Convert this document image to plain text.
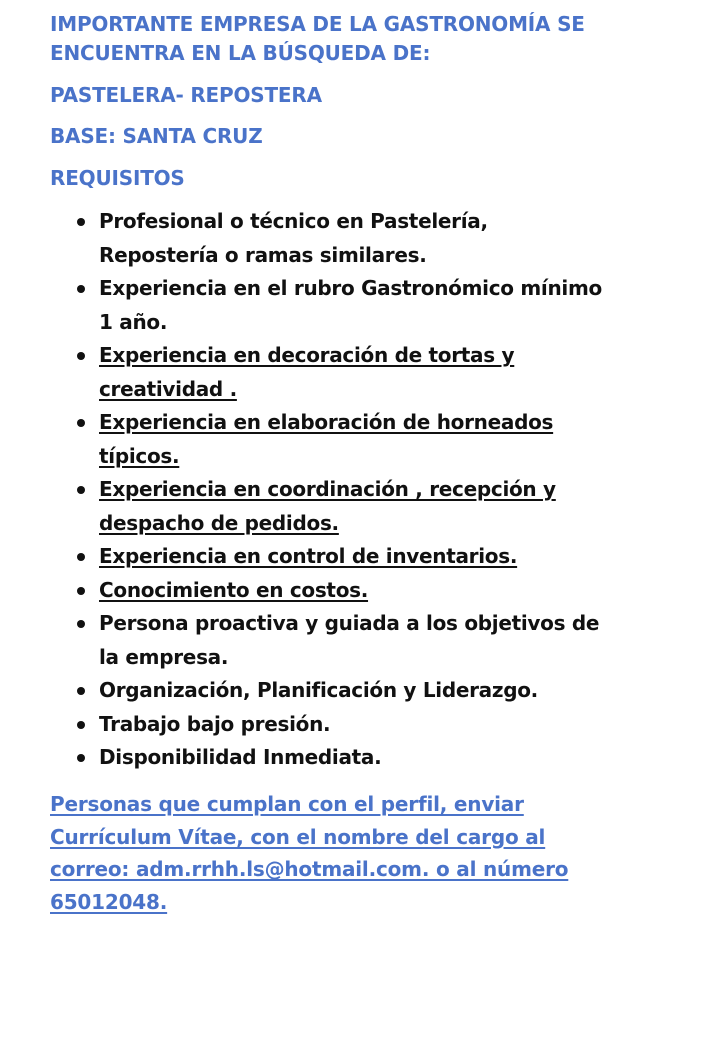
IMPORTANTE EMPRESA DE LA GASTRONOMÍA SE
ENCUENTRA EN LA BÚSQUEDA DE:

PASTELERA- REPOSTERA

BASE: SANTA CRUZ

REQUISITOS

Profesional o técnico en Pastelería,
Repostería o ramas similares.
Experiencia en el rubro Gastronómico mínimo
1 año.
Experiencia en decoración de tortas y
creatividad .
Experiencia en elaboración de horneados
típicos.
Experiencia en coordinación , recepción y
despacho de pedidos.
Experiencia en control de inventarios.
Conocimiento en costos.
Persona proactiva y guiada a los objetivos de
la empresa.
Organización, Planificación y Liderazgo.
Trabajo bajo presión.
Disponibilidad Inmediata.

Personas que cumplan con el perfil, enviar
Currículum Vítae, con el nombre del cargo al
correo: adm.rrhh.ls@hotmail.com. o al número
65012048.
